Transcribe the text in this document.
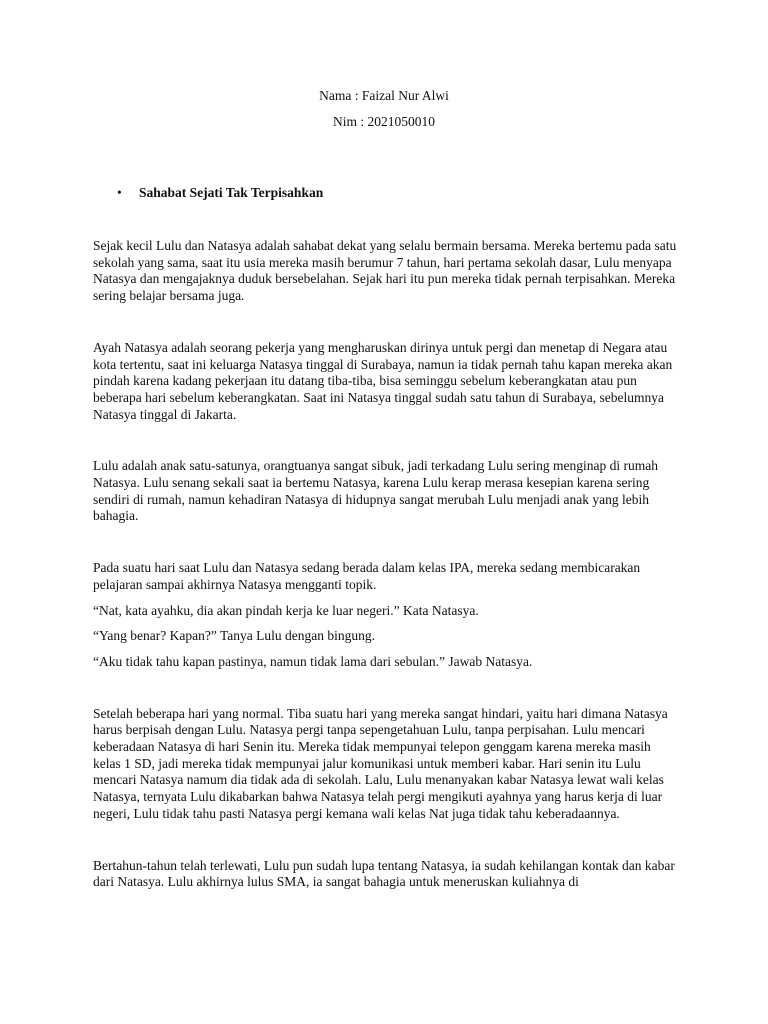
Nama : Faizal Nur Alwi
Nim : 2021050010
• Sahabat Sejati Tak Terpisahkan

Sejak kecil Lulu dan Natasya adalah sahabat dekat yang selalu bermain bersama. Mereka bertemu pada satu sekolah yang sama, saat itu usia mereka masih berumur 7 tahun, hari pertama sekolah dasar, Lulu menyapa Natasya dan mengajaknya duduk bersebelahan. Sejak hari itu pun mereka tidak pernah terpisahkan. Mereka sering belajar bersama juga.

Ayah Natasya adalah seorang pekerja yang mengharuskan dirinya untuk pergi dan menetap di Negara atau kota tertentu, saat ini keluarga Natasya tinggal di Surabaya, namun ia tidak pernah tahu kapan mereka akan pindah karena kadang pekerjaan itu datang tiba-tiba, bisa seminggu sebelum keberangkatan atau pun beberapa hari sebelum keberangkatan. Saat ini Natasya tinggal sudah satu tahun di Surabaya, sebelumnya Natasya tinggal di Jakarta.

Lulu adalah anak satu-satunya, orangtuanya sangat sibuk, jadi terkadang Lulu sering menginap di rumah Natasya. Lulu senang sekali saat ia bertemu Natasya, karena Lulu kerap merasa kesepian karena sering sendiri di rumah, namun kehadiran Natasya di hidupnya sangat merubah Lulu menjadi anak yang lebih bahagia.

Pada suatu hari saat Lulu dan Natasya sedang berada dalam kelas IPA, mereka sedang membicarakan pelajaran sampai akhirnya Natasya mengganti topik.

“Nat, kata ayahku, dia akan pindah kerja ke luar negeri.” Kata Natasya.

“Yang benar? Kapan?” Tanya Lulu dengan bingung.

“Aku tidak tahu kapan pastinya, namun tidak lama dari sebulan.” Jawab Natasya.

Setelah beberapa hari yang normal. Tiba suatu hari yang mereka sangat hindari, yaitu hari dimana Natasya harus berpisah dengan Lulu. Natasya pergi tanpa sepengetahuan Lulu, tanpa perpisahan. Lulu mencari keberadaan Natasya di hari Senin itu. Mereka tidak mempunyai telepon genggam karena mereka masih kelas 1 SD, jadi mereka tidak mempunyai jalur komunikasi untuk memberi kabar. Hari senin itu Lulu mencari Natasya namum dia tidak ada di sekolah. Lalu, Lulu menanyakan kabar Natasya lewat wali kelas Natasya, ternyata Lulu dikabarkan bahwa Natasya telah pergi mengikuti ayahnya yang harus kerja di luar negeri, Lulu tidak tahu pasti Natasya pergi kemana wali kelas Nat juga tidak tahu keberadaannya.

Bertahun-tahun telah terlewati, Lulu pun sudah lupa tentang Natasya, ia sudah kehilangan kontak dan kabar dari Natasya. Lulu akhirnya lulus SMA, ia sangat bahagia untuk meneruskan kuliahnya di
